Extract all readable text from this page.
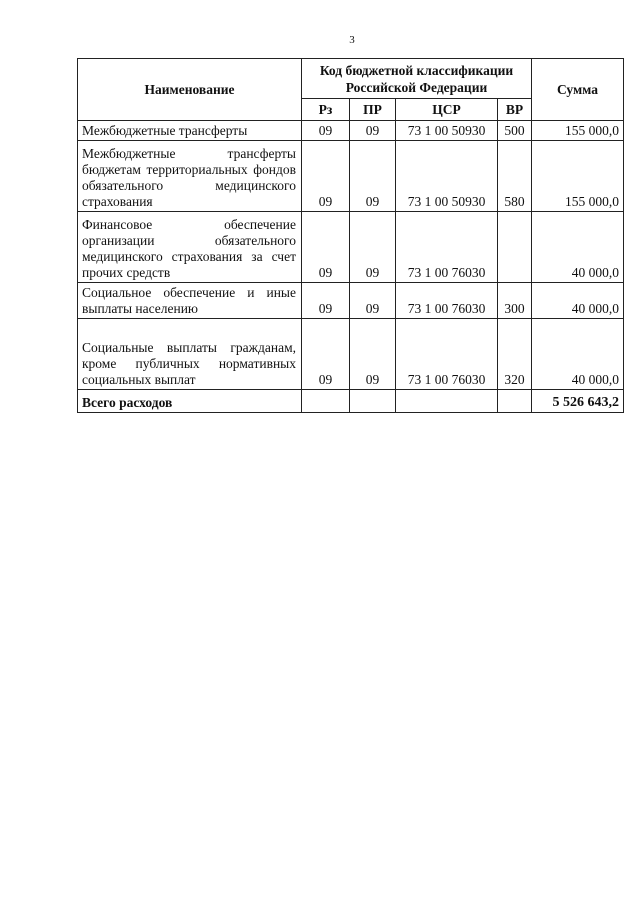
3
Наименование	Код бюджетной классификации Российской Федерации				Сумма
	Рз	ПР	ЦСР	ВР	
Межбюджетные трансферты	09	09	73 1 00 50930	500	155 000,0
Межбюджетные трансферты бюджетам территориальных фондов обязательного медицинского страхования	09	09	73 1 00 50930	580	155 000,0
Финансовое обеспечение организации обязательного медицинского страхования за счет прочих средств	09	09	73 1 00 76030		40 000,0
Социальное обеспечение и иные выплаты населению	09	09	73 1 00 76030	300	40 000,0
Социальные выплаты гражданам, кроме публичных нормативных социальных выплат	09	09	73 1 00 76030	320	40 000,0
Всего расходов					5 526 643,2
